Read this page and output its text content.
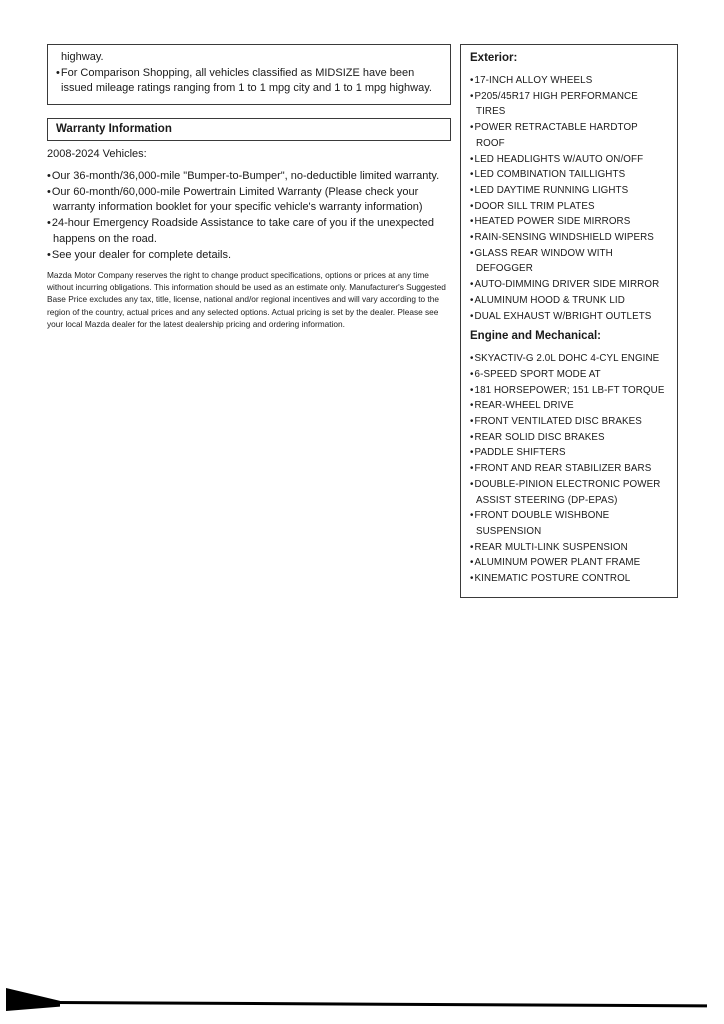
highway.
• For Comparison Shopping, all vehicles classified as MIDSIZE have been issued mileage ratings ranging from 1 to 1 mpg city and 1 to 1 mpg highway.
Warranty Information
2008-2024 Vehicles:
• Our 36-month/36,000-mile "Bumper-to-Bumper", no-deductible limited warranty.
• Our 60-month/60,000-mile Powertrain Limited Warranty (Please check your warranty information booklet for your specific vehicle's warranty information)
• 24-hour Emergency Roadside Assistance to take care of you if the unexpected happens on the road.
• See your dealer for complete details.
Mazda Motor Company reserves the right to change product specifications, options or prices at any time without incurring obligations. This information should be used as an estimate only. Manufacturer's Suggested Base Price excludes any tax, title, license, national and/or regional incentives and will vary according to the region of the country, actual prices and any selected options. Actual pricing is set by the dealer. Please see your local Mazda dealer for the latest dealership pricing and ordering information.
Exterior:
• 17-INCH ALLOY WHEELS
• P205/45R17 HIGH PERFORMANCE TIRES
• POWER RETRACTABLE HARDTOP ROOF
• LED HEADLIGHTS W/AUTO ON/OFF
• LED COMBINATION TAILLIGHTS
• LED DAYTIME RUNNING LIGHTS
• DOOR SILL TRIM PLATES
• HEATED POWER SIDE MIRRORS
• RAIN-SENSING WINDSHIELD WIPERS
• GLASS REAR WINDOW WITH DEFOGGER
• AUTO-DIMMING DRIVER SIDE MIRROR
• ALUMINUM HOOD & TRUNK LID
• DUAL EXHAUST W/BRIGHT OUTLETS
Engine and Mechanical:
• SKYACTIV-G 2.0L DOHC 4-CYL ENGINE
• 6-SPEED SPORT MODE AT
• 181 HORSEPOWER; 151 LB-FT TORQUE
• REAR-WHEEL DRIVE
• FRONT VENTILATED DISC BRAKES
• REAR SOLID DISC BRAKES
• PADDLE SHIFTERS
• FRONT AND REAR STABILIZER BARS
• DOUBLE-PINION ELECTRONIC POWER ASSIST STEERING (DP-EPAS)
• FRONT DOUBLE WISHBONE SUSPENSION
• REAR MULTI-LINK SUSPENSION
• ALUMINUM POWER PLANT FRAME
• KINEMATIC POSTURE CONTROL
